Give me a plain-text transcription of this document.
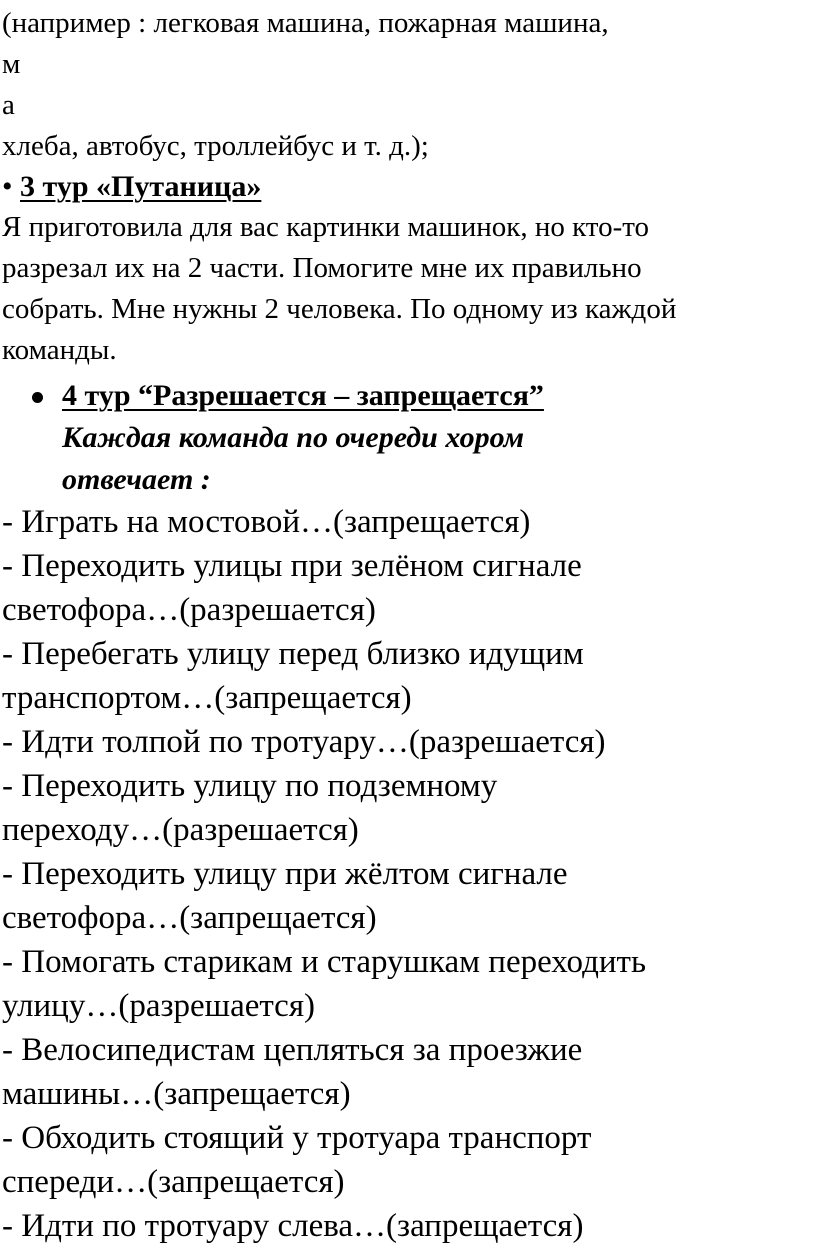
(например : легковая машина, пожарная машина,
м
а
хлеба, автобус, троллейбус и т. д.);
• 3 тур «Путаница»
Я приготовила для вас картинки машинок, но кто-то
разрезал их на 2 части. Помогите мне их правильно
собрать. Мне нужны 2 человека. По одному из каждой
команды.
4 тур “Разрешается – запрещается”
Каждая команда по очереди хором
отвечает :
- Играть на мостовой…(запрещается)
- Переходить улицы при зелёном сигнале
светофора…(разрешается)
- Перебегать улицу перед близко идущим
транспортом…(запрещается)
- Идти толпой по тротуару…(разрешается)
- Переходить улицу по подземному
переходу…(разрешается)
- Переходить улицу при жёлтом сигнале
светофора…(запрещается)
- Помогать старикам и старушкам переходить
улицу…(разрешается)
- Велосипедистам цепляться за проезжие
машины…(запрещается)
- Обходить стоящий у тротуара транспорт
спереди…(запрещается)
- Идти по тротуару слева…(запрещается)
